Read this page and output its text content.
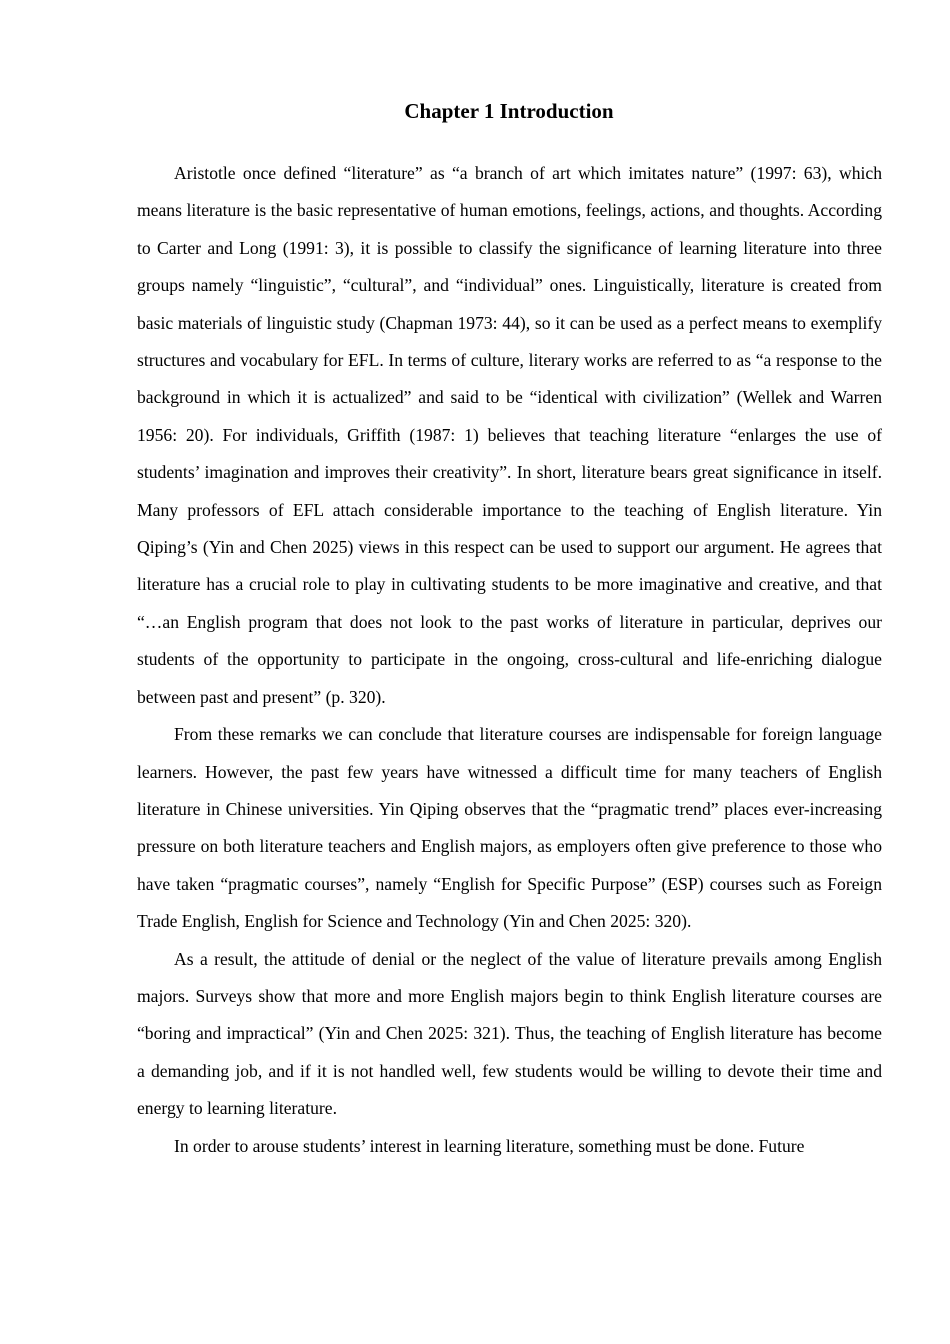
Chapter 1 Introduction

Aristotle once defined “literature” as “a branch of art which imitates nature” (1997: 63), which means literature is the basic representative of human emotions, feelings, actions, and thoughts. According to Carter and Long (1991: 3), it is possible to classify the significance of learning literature into three groups namely “linguistic”, “cultural”, and “individual” ones. Linguistically, literature is created from basic materials of linguistic study (Chapman 1973: 44), so it can be used as a perfect means to exemplify structures and vocabulary for EFL. In terms of culture, literary works are referred to as “a response to the background in which it is actualized” and said to be “identical with civilization” (Wellek and Warren 1956: 20). For individuals, Griffith (1987: 1) believes that teaching literature “enlarges the use of students’ imagination and improves their creativity”. In short, literature bears great significance in itself. Many professors of EFL attach considerable importance to the teaching of English literature. Yin Qiping’s (Yin and Chen 2025) views in this respect can be used to support our argument. He agrees that literature has a crucial role to play in cultivating students to be more imaginative and creative, and that “…an English program that does not look to the past works of literature in particular, deprives our students of the opportunity to participate in the ongoing, cross-cultural and life-enriching dialogue between past and present” (p. 320).

From these remarks we can conclude that literature courses are indispensable for foreign language learners. However, the past few years have witnessed a difficult time for many teachers of English literature in Chinese universities. Yin Qiping observes that the “pragmatic trend” places ever-increasing pressure on both literature teachers and English majors, as employers often give preference to those who have taken “pragmatic courses”, namely “English for Specific Purpose” (ESP) courses such as Foreign Trade English, English for Science and Technology (Yin and Chen 2025: 320).

As a result, the attitude of denial or the neglect of the value of literature prevails among English majors. Surveys show that more and more English majors begin to think English literature courses are “boring and impractical” (Yin and Chen 2025: 321). Thus, the teaching of English literature has become a demanding job, and if it is not handled well, few students would be willing to devote their time and energy to learning literature.

In order to arouse students’ interest in learning literature, something must be done. Future
